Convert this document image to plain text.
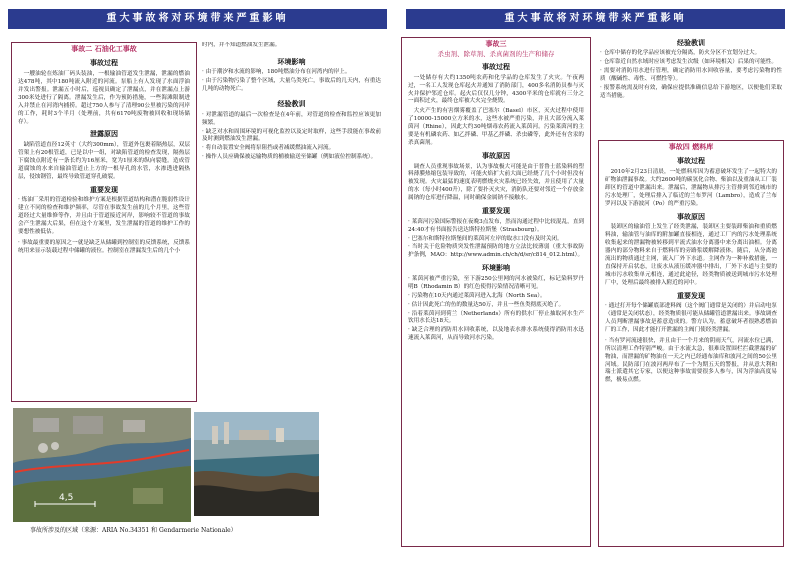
重大事故将对环境带来严重影响
事故二 石油化工事故
事故过程
一艘油轮在炼油厂码头装油，一根输油管道发生泄漏，泄漏的燃油达478吨，其中180吨流入附近的河流。泵船上有人发现了水面浮油并发出警报。泄漏五小时后，巡视员确定了泄漏点，并在泄漏点上游300米处进行了隔离。泄漏发生后，作为预防措施，一些海滩限制进入并禁止在河湾内捕捞。超过750人参与了清理90公里被污染的河岸的工作，耗时3个半月（处理前，共有6170吨废物被回收和现场储存）。
泄露原因
缺陷管道直径12英寸（大约300mm），管道外包裹着隔热层，双层管架上有20根管道，已是以中一组，对缺陷管道的检查发现，隔热层下腐蚀点附近有一条长约为16厘米，宽为1厘米的纵向裂缝。造成管道腐蚀的水来自输油管道止上方的一根导孔的水管，水渗透进隔热层，侵蚀钢管，最终导致管道穿孔破裂。
重要发现
· 炼油厂采用的管道检验和维护方案是根据管道结构和潜在脆弱性设计建立不同的检查和维护频率，尽管在事故发生前的几个月里，这些管道经过大量维修等作，并且由于管道接近河岸，影响较不管道的事故会产生泄漏大后果，但在这个方案里，发生泄漏的管道的维护工作的要想性被低估。
· 事故最重要的原因之一就是缺乏从储罐到控制室的反馈系统，反馈系统用来显示装载过程中储罐的液位。控制室在泄漏发生后的几个小
时内，并不知道燃油发生泄漏。
环境影响
· 由于潮汐和水流的影响，180吨燃油分布在河湾内的岸上。
· 由于污染物污染了整个区域，大量鸟类死亡，事故后的几天内，有重达几吨的动物死亡。
经验教训
· 对泄漏管道的最后一次检查是在4年前，对管道的检查和监控应该更加频繁。
· 缺乏对水和周围环境的可视化监控以及定时取样，这些手段能在事故前及时测到燃油发生泄漏。
· 将自动装置安全阀将泵阻挡或者减缓燃油流入河流。
· 操作人员应确保被运输物质的桶被输送至储罐（例如液位控制系统）。
4,5
事故所涉及的区域（来源：ARIA No.34351 和 Gendarmerie Nationale）
重大事故将对环境带来严重影响
事故三
杀虫剂、除草剂、杀真菌剂的生产和储存
事故过程
一处储存有大约1350吨农药和化学品的仓库发生了火灾。午夜两过，一名工人发现仓库起火并通知了消防部门，400多名消防员参与灭火并保护邻近仓库。起火后仅仅几分钟，4300平米的仓库就有三分之一面积过火，最终仓库被大火完全烧毁。
大火产生的有害烟雾覆盖了巴塞尔（Basel）市区，灭火过程中使用了10000-15000立方米的水，这些水被严重污染，并且大部分流入莱茵河（Rhine），因此大约30吨烟毒农药流入莱茵河。污染莱茵河的主要是有机磷农药、如乙拌磷、甲基乙拌磷、杀虫磷等，此外还有含汞的杀真菌剂。
事故原因
调查人员重现事故场景，认为事故极大可能是由于普鲁士蓝染料的塑料薄膜热缩包装导致的，可能火焰扩大前大面已经烧了几个小时但没有被发现。火灾最猛的速度表明燃烧火灾系统已经失效，并且使用了大量的水（每小时400升），除了要扑灭火灾，消防队还要对邻近一个存放金属钠的仓库进行降温，同时确保金属钠不接触水。
重要发现
· 莱茵河污染国际警报在夜晚3点发布，然而沟通过程中比较混乱，直到24:40才有书面报告送达斯特拉斯堡（Strasbourg）。
· 巴塞尔和斯特拉斯堡间的莱茵河左岸的取水口没有及时关闭。
· 当时关于危险物质突发性泄漏预防的地方立法比较薄弱（重大事故防护条例，MAO：http://www.admin.ch/ch/d/sr/c814_012.html）。
环境影响
· 莱茵河被严重污染，至下游250公里网的河水被染红，标记染料罗丹明B（Rhodamin B）的红色使得污染情况清晰可见。
· 污染物在10天内通过莱茵河进入北海（North Sea）。
· 估计因此死亡的鱼的数量达50万，并且一些鱼类彻底灭绝了。
· 沿着莱茵河到荷兰（Netherlands）所有的供水厂停止抽取河水生产饮用水长达18天。
· 缺乏合理的消防用水回收系统，以及地表水排水系统使得消防用水迅速流入莱茵河，从而导致河水污染。
经验教训
· 仓库中储存的化学品应该被充分隔离，防火分区不宜划分过大。
· 仓库靠近自然水域时应该考虑发生次级（如环境相关）后果的可能性。
· 需要对消防用水进行管理，确定消防用水回收容量，要考虑污染物的性质（酸碱性、毒性、可燃性等）。
· 报警系统需及时有效，确保应提供准确信息给下游地区，以便他们采取适当措施。
事故四 燃料库
事故过程
2010年2月23日清晨，一处燃料库因为蓄意破坏发生了一起特大的矿物油泄漏事故。大约2600吨的碳氢化合物、柴油以及重油从工厂装卸区的管道中泄漏出来。泄漏后，泄漏物从排污主管排到邻近城市的污水处理厂，处理后排入了临近的兰布罗河（Lambro），造成了兰布罗河以及下游波河（Po）的严重污染。
事故原因
装卸区的输油管上发生了经类泄漏，装卸区主要装卸柴油和重质燃料油，输油管与油库的附加罐直接相连，通过工厂内的污水处理系统收集起来的泄漏物被转移到平流式油水分离器中来分离出油相。分离器内的部分物料来自于燃料库的旁路浆缓解降液体。随后，从分离池流出的物质通过主网，流入厂外下水道。主网作为一种补救措施，一直保持开启状态，让废水从液压缓冲器中排出，厂外下水道与主要的城市污水收集单元相连，通过此途径，经类物质被送到城市污水处理厂中，处理后最终被排入附近的河中。
重要发现
· 通过打开每个储罐底部进料阀（这个阀门通常是关闭的）并启动电泵（通常是关闭状态），经类物质很可能从储罐管道泄漏出来。事故调查人员判断泄漏事故是蓄意造成的。警方认为，蓄意破坏者很熟悉燃油厂的工作，因此才能打开泄漏的主阀门使经类泄漏。
· 当有罗河流速很快，并且由于一个月来的阴雨天气，河流水位已满，所以清理工作特别严峻。由于水流太急，很难设置围栏拦截泄漏的矿物油，而泄漏的矿物油在一天之内已经通布油库和波河之间的50公里河域。民防部门在波河两岸布了一个为期五天的警报，并从意大利和瑞士派遣其它专家，以便这种事故需要很多人参与，因为浮油高度易燃，极易点燃。
